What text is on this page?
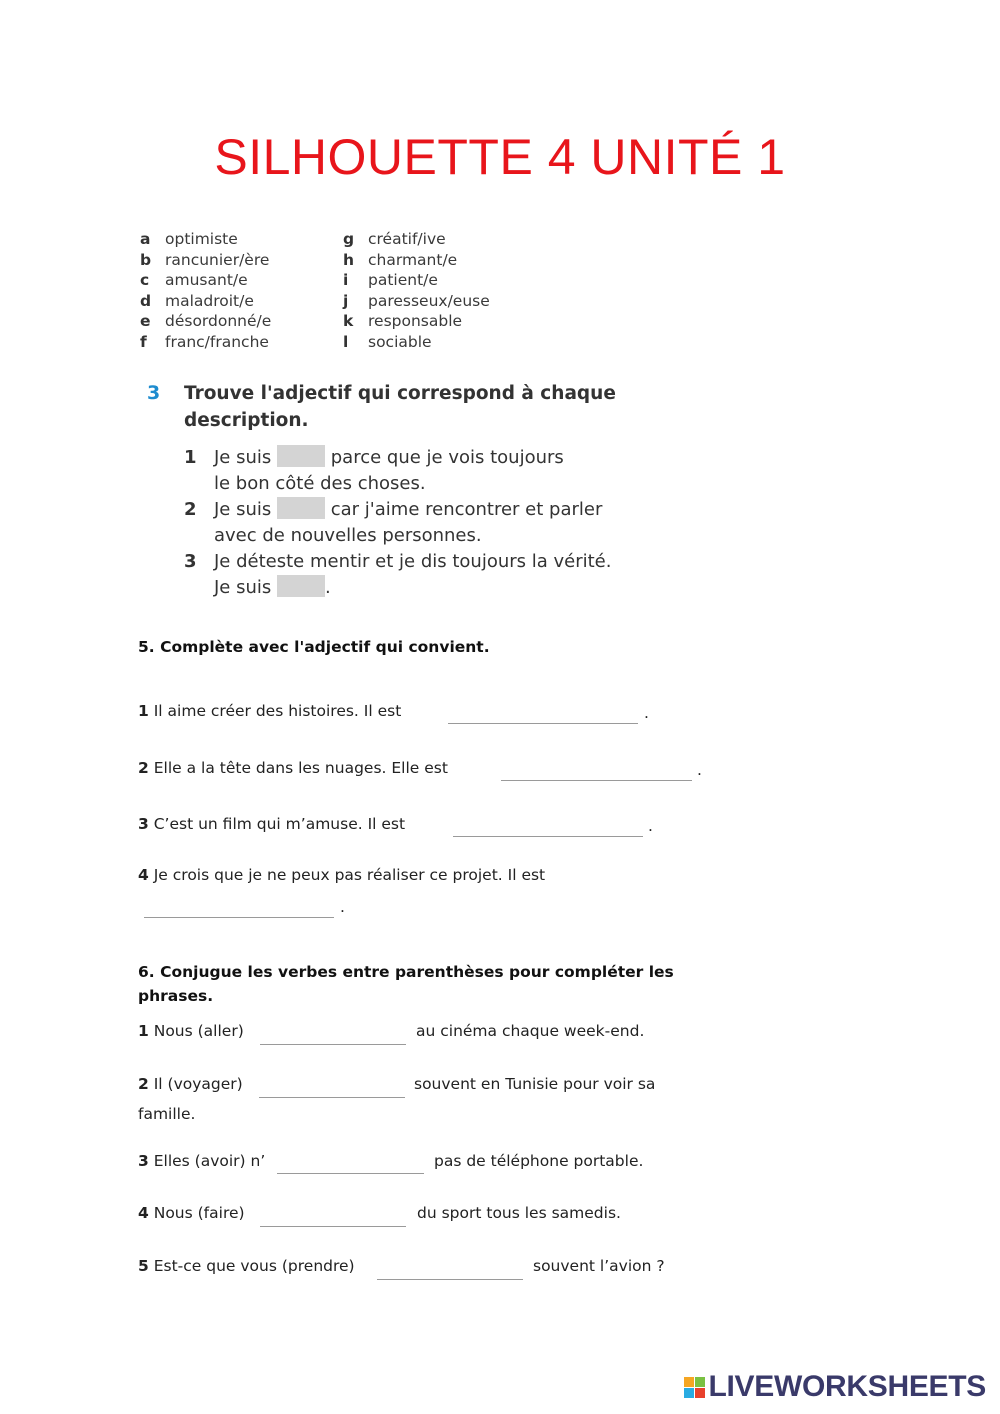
SILHOUETTE 4 UNITÉ 1
a optimiste
b rancunier/ère
c amusant/e
d maladroit/e
e désordonné/e
f franc/franche
g créatif/ive
h charmant/e
i patient/e
j paresseux/euse
k responsable
l sociable
3 Trouve l'adjectif qui correspond à chaque
description.
1 Je suis	parce que je vois toujours
le bon côté des choses.
2 Je suis	car j'aime rencontrer et parler
avec de nouvelles personnes.
3 Je déteste mentir et je dis toujours la vérité.
Je suis	.
5. Complète avec l'adjectif qui convient.
1 Il aime créer des histoires. Il est	.
2 Elle a la tête dans les nuages. Elle est	.
3 C’est un film qui m’amuse. Il est	.
4 Je crois que je ne peux pas réaliser ce projet. Il est
.
6. Conjugue les verbes entre parenthèses pour compléter les
phrases.
1 Nous (aller)	au cinéma chaque week-end.
2 Il (voyager)	souvent en Tunisie pour voir sa
famille.
3 Elles (avoir) n’	pas de téléphone portable.
4 Nous (faire)	du sport tous les samedis.
5 Est-ce que vous (prendre)	souvent l’avion ?
LIVEWORKSHEETS
